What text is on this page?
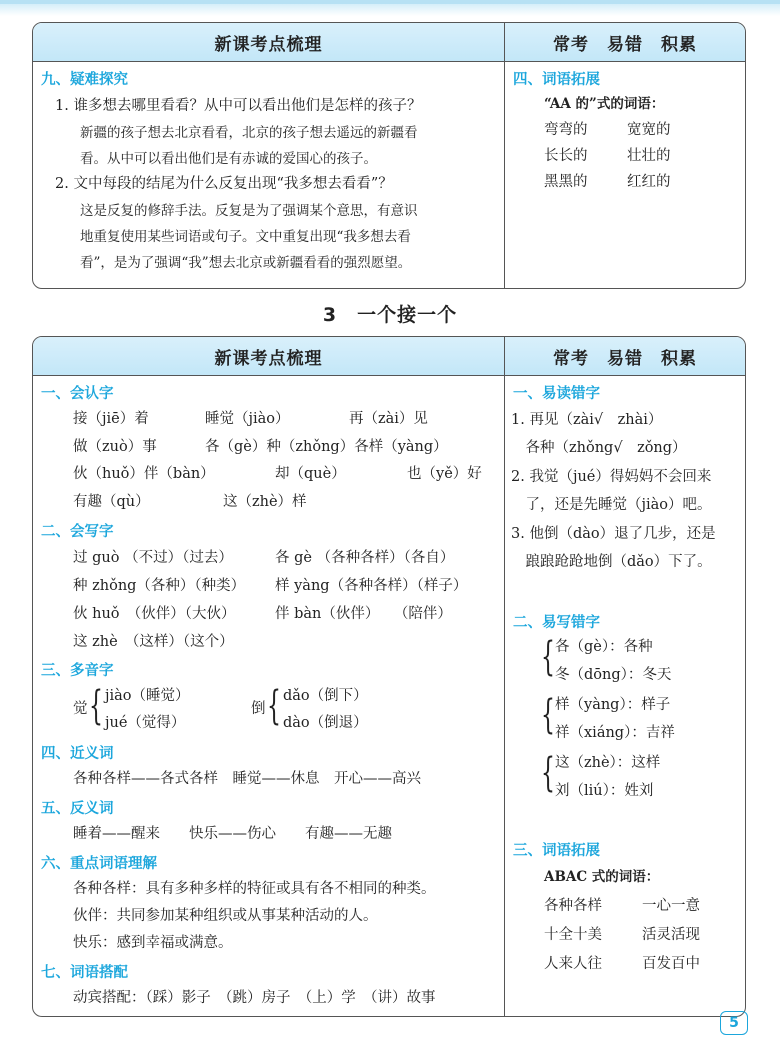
新课考点梳理	常考　易错　积累
九、疑难探究
1. 谁多想去哪里看看？从中可以看出他们是怎样的孩子？
新疆的孩子想去北京看看，北京的孩子想去遥远的新疆看
看。从中可以看出他们是有赤诚的爱国心的孩子。
2. 文中每段的结尾为什么反复出现“我多想去看看”？
这是反复的修辞手法。反复是为了强调某个意思，有意识
地重复使用某些词语或句子。文中重复出现“我多想去看
看”，是为了强调“我”想去北京或新疆看看的强烈愿望。
四、词语拓展
“AA 的”式的词语：
弯弯的	宽宽的
长长的	壮壮的
黑黑的	红红的
3　一个接一个
新课考点梳理	常考　易错　积累
一、会认字
接（jiē）着	睡觉（jiào）	再（zài）见
做（zuò）事	各（gè）种（zhǒng）各样（yàng）
伙（huǒ）伴（bàn）	却（què）	也（yě）好
有趣（qù）	这（zhè）样
二、会写字
过 guò （不过）（过去）	各 gè （各种各样）（各自）
种 zhǒng（各种）（种类） 样 yàng（各种各样）（样子）
伙 huǒ　（伙伴）（大伙）	伴 bàn（伙伴）　　（陪伴）
这 zhè　（这样）（这个）
三、多音字
觉 { jiào（睡觉）
jué（觉得）
倒 { dǎo（倒下）
dào（倒退）
四、近义词
各种各样——各式各样　睡觉——休息　开心——高兴
五、反义词
睡着——醒来　　快乐——伤心　　有趣——无趣
六、重点词语理解
各种各样：具有多种多样的特征或具有各不相同的种类。
伙伴：共同参加某种组织或从事某种活动的人。
快乐：感到幸福或满意。
七、词语搭配
动宾搭配：（踩）影子　（跳）房子　（上）学　（讲）故事
一、易读错字
1. 再见（zài√　zhài）
　各种（zhǒng√　zǒng）
2. 我觉（jué）得妈妈不会回来
　了，还是先睡觉（jiào）吧。
3. 他倒（dào）退了几步，还是
　踉踉跄跄地倒（dǎo）下了。
二、易写错字
{ 各（gè）：各种
冬（dōng）：冬天
{ 样（yàng）：样子
祥（xiáng）：吉祥
{ 这（zhè）：这样
刘（liú）：姓刘
三、词语拓展
ABAC 式的词语：
各种各样	一心一意
十全十美	活灵活现
人来人往	百发百中
5
